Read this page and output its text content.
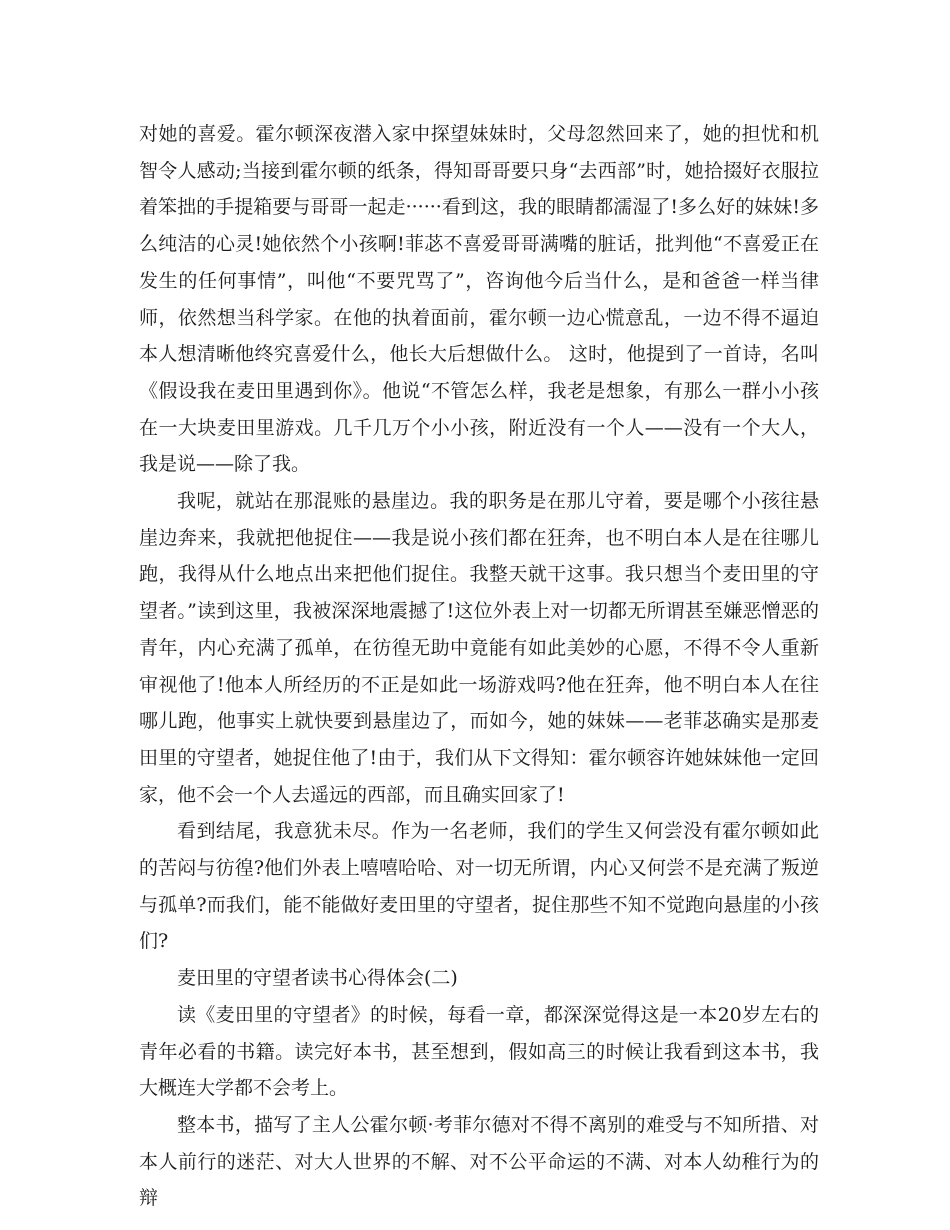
对她的喜爱。霍尔顿深夜潜入家中探望妹妹时，父母忽然回来了，她的担忧和机智令人感动;当接到霍尔顿的纸条，得知哥哥要只身“去西部”时，她拾掇好衣服拉着笨拙的手提箱要与哥哥一起走······看到这，我的眼睛都濡湿了!多么好的妹妹!多么纯洁的心灵!她依然个小孩啊!菲苾不喜爱哥哥满嘴的脏话，批判他“不喜爱正在发生的任何事情”，叫他“不要咒骂了”，咨询他今后当什么，是和爸爸一样当律师，依然想当科学家。在他的执着面前，霍尔顿一边心慌意乱，一边不得不逼迫本人想清晰他终究喜爱什么，他长大后想做什么。 这时，他提到了一首诗，名叫《假设我在麦田里遇到你》。他说“不管怎么样，我老是想象，有那么一群小小孩在一大块麦田里游戏。几千几万个小小孩，附近没有一个人——没有一个大人，我是说——除了我。

我呢，就站在那混账的悬崖边。我的职务是在那儿守着，要是哪个小孩往悬崖边奔来，我就把他捉住——我是说小孩们都在狂奔，也不明白本人是在往哪儿跑，我得从什么地点出来把他们捉住。我整天就干这事。我只想当个麦田里的守望者。”读到这里，我被深深地震撼了!这位外表上对一切都无所谓甚至嫌恶憎恶的青年，内心充满了孤单，在彷徨无助中竟能有如此美妙的心愿，不得不令人重新审视他了!他本人所经历的不正是如此一场游戏吗?他在狂奔，他不明白本人在往哪儿跑，他事实上就快要到悬崖边了，而如今，她的妹妹——老菲苾确实是那麦田里的守望者，她捉住他了!由于，我们从下文得知：霍尔顿容许她妹妹他一定回家，他不会一个人去遥远的西部，而且确实回家了!

看到结尾，我意犹未尽。作为一名老师，我们的学生又何尝没有霍尔顿如此的苦闷与彷徨?他们外表上嘻嘻哈哈、对一切无所谓，内心又何尝不是充满了叛逆与孤单?而我们，能不能做好麦田里的守望者，捉住那些不知不觉跑向悬崖的小孩们?

麦田里的守望者读书心得体会(二)

读《麦田里的守望者》的时候，每看一章，都深深觉得这是一本20岁左右的青年必看的书籍。读完好本书，甚至想到，假如高三的时候让我看到这本书，我大概连大学都不会考上。

整本书，描写了主人公霍尔顿·考菲尔德对不得不离别的难受与不知所措、对本人前行的迷茫、对大人世界的不解、对不公平命运的不满、对本人幼稚行为的辩
